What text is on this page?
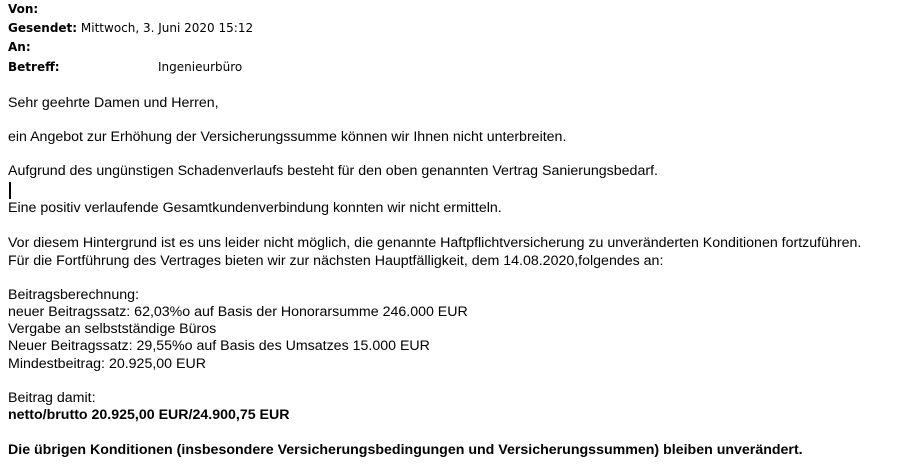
Von:
Gesendet: Mittwoch, 3. Juni 2020 15:12
An:
Betreff:	Ingenieurbüro
Sehr geehrte Damen und Herren,
ein Angebot zur Erhöhung der Versicherungssumme können wir Ihnen nicht unterbreiten.
Aufgrund des ungünstigen Schadenverlaufs besteht für den oben genannten Vertrag Sanierungsbedarf.
Eine positiv verlaufende Gesamtkundenverbindung konnten wir nicht ermitteln.
Vor diesem Hintergrund ist es uns leider nicht möglich, die genannte Haftpflichtversicherung zu unveränderten Konditionen fortzuführen.
Für die Fortführung des Vertrages bieten wir zur nächsten Hauptfälligkeit, dem 14.08.2020,folgendes an:
Beitragsberechnung:
neuer Beitragssatz: 62,03%o auf Basis der Honorarsumme 246.000 EUR
Vergabe an selbstständige Büros
Neuer Beitragssatz: 29,55%o auf Basis des Umsatzes 15.000 EUR
Mindestbeitrag: 20.925,00 EUR
Beitrag damit:
netto/brutto 20.925,00 EUR/24.900,75 EUR
Die übrigen Konditionen (insbesondere Versicherungsbedingungen und Versicherungssummen) bleiben unverändert.
